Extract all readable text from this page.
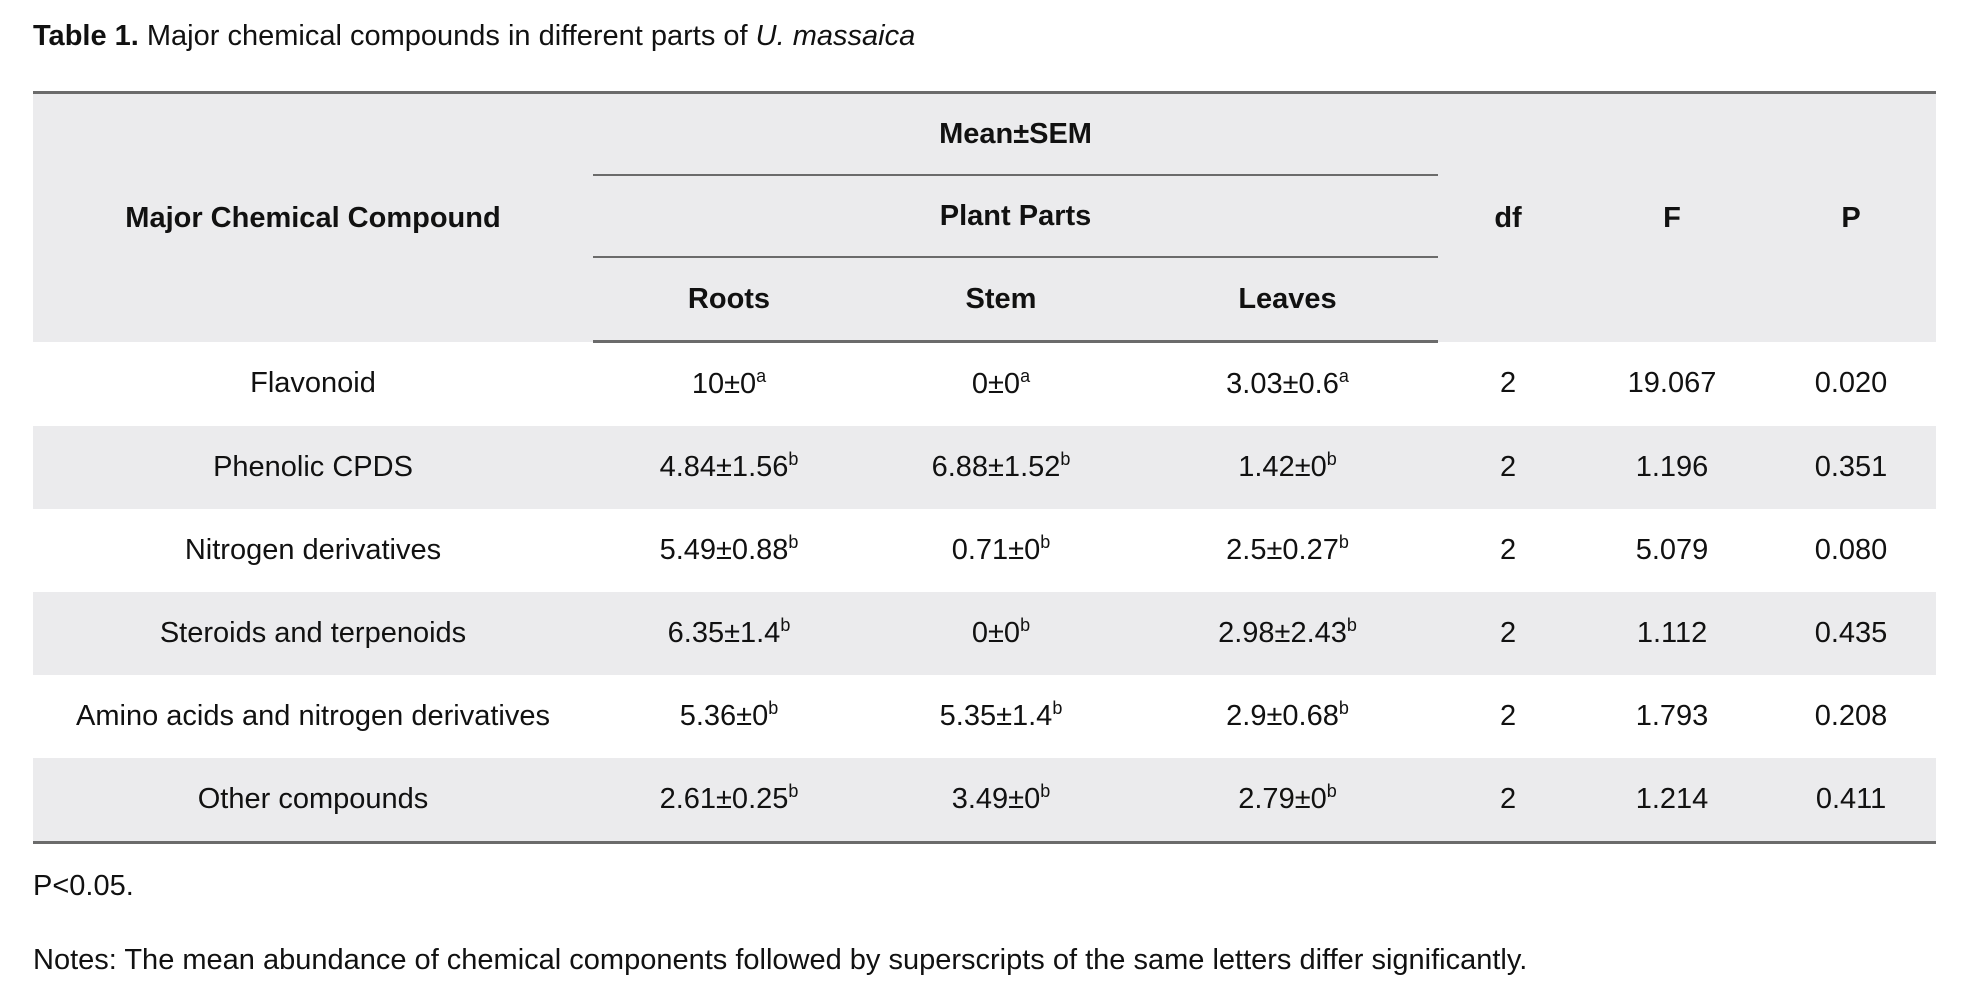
Table 1. Major chemical compounds in different parts of U. massaica
Major Chemical Compound	Mean±SEM			df	F	P

	Plant Parts					

	Roots	Stem	Leaves			
Flavonoid	$10\pm 0^a$	$0\pm 0^a$	3.03±0.6$^a$	2	19.067	0.020
Phenolic CPDS	4.84±1.56$^b$	6.88±1.52$^b$	$1.42\pm 0^b$	2	1.196	0.351
Nitrogen derivatives	5.49±0.88$^b$	$0.71\pm 0^b$	2.5±0.27$^b$	2	5.079	0.080
Steroids and terpenoids	6.35±1.4$^b$	$0\pm 0^b$	2.98±2.43$^b$	2	1.112	0.435
Amino acids and nitrogen derivatives	$5.36\pm 0^b$	5.35±1.4$^b$	2.9±0.68$^b$	2	1.793	0.208
Other compounds	2.61±0.25$^b$	$3.49\pm 0^b$	$2.79\pm 0^b$	2	1.214	0.411
P<0.05.
Notes: The mean abundance of chemical components followed by superscripts of the same letters differ significantly.
